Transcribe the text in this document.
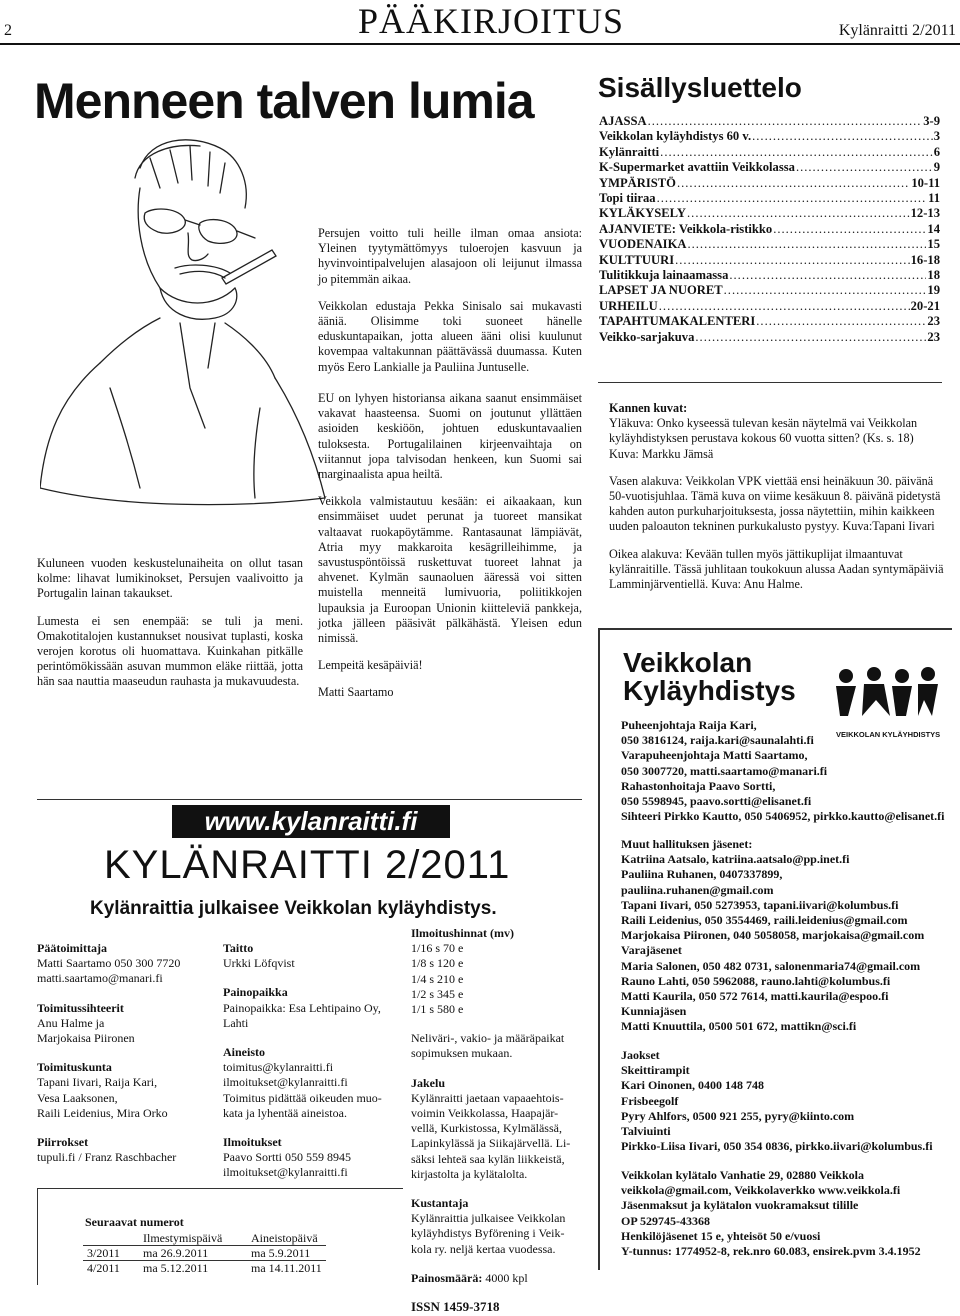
2	PÄÄKIRJOITUS	Kylänraitti 2/2011
Menneen talven lumia

Kuluneen vuoden keskustelunaiheita on ollut tasan kolme: lihavat lumikinokset, Persujen vaalivoitto ja Portugalin lainan takaukset.

Lumesta ei sen enempää: se tuli ja meni. Omakotitalojen kustannukset nousivat tuplasti, koska verojen korotus oli huomattava. Kuinkahan pitkälle perintömökissään asuvan mummon eläke riittää, jotta hän saa nauttia maaseudun rauhasta ja mukavuudesta.

Persujen voitto tuli heille ilman omaa ansiota: Yleinen tyytymättömyys tuloerojen kasvuun ja hyvinvointipalvelujen alasajoon oli leijunut ilmassa jo pitemmän aikaa.

Veikkolan edustaja Pekka Sinisalo sai mukavasti ääniä. Olisimme toki suoneet hänelle eduskuntapaikan, jotta alueen ääni olisi kuulunut kovempaa valtakunnan päättävässä duumassa. Kuten myös Eero Lankialle ja Pauliina Juntuselle.

EU on lyhyen historiansa aikana saanut ensimmäiset vakavat haasteensa. Suomi on joutunut yllättäen asioiden keskiöön, johtuen eduskuntavaalien tuloksesta. Portugalilainen kirjeenvaihtaja on viitannut jopa talvisodan henkeen, kun Suomi sai marginaalista apua heiltä.

Veikkola valmistautuu kesään: ei aikaakaan, kun ensimmäiset uudet perunat ja tuoreet mansikat valtaavat ruokapöytämme. Rantasaunat lämpiävät, Atria myy makkaroita kesägrilleihimme, ja savustuspöntöissä ruskettuvat tuoreet lahnat ja ahvenet. Kylmän saunaoluen ääressä voi sitten muistella menneitä lumivuoria, poliitikkojen lupauksia ja Euroopan Unionin kiitteleviä pankkeja, jotka jälleen pääsivät pälkähästä. Yleisen edun nimissä.

Lempeitä kesäpäiviä!

Matti Saartamo

Sisällysluettelo
AJASSA .....	3-9
Veikkolan kyläyhdistys 60 v. .....	3
Kylänraitti .....	6
K-Supermarket avattiin Veikkolassa .....	9
YMPÄRISTÖ .....	10-11
Topi tiiraa .....	11
KYLÄKYSELY .....	12-13
AJANVIETE: Veikkola-ristikko .....	14
VUODENAIKA .....	15
KULTTUURI .....	16-18
Tulitikkuja lainaamassa .....	18
LAPSET JA NUORET .....	19
URHEILU .....	20-21
TAPAHTUMAKALENTERI .....	23
Veikko-sarjakuva .....	23

Kannen kuvat:

Yläkuva: Onko kyseessä tulevan kesän näytelmä vai Veikkolan kyläyhdistyksen perustava kokous 60 vuotta sitten? (Ks. s. 18) Kuva: Markku Jämsä

Vasen alakuva: Veikkolan VPK viettää ensi heinäkuun 30. päivänä 50-vuotisjuhlaa. Tämä kuva on viime kesäkuun 8. päivänä pidetystä kahden auton purkuharjoituksesta, jossa näytettiin, mihin kaikkeen uuden paloauton tekninen purkukalusto pystyy. Kuva:Tapani Iivari

Oikea alakuva: Kevään tullen myös jättikuplijat ilmaantuvat kylänraitille. Tässä juhlitaan toukokuun alussa Aadan syntymäpäiviä Lamminjärventiellä. Kuva: Anu Halme.

Veikkolan
Kyläyhdistys
VEIKKOLAN KYLÄYHDISTYS
Puheenjohtaja Raija Kari,
050 3816124, raija.kari@saunalahti.fi
Varapuheenjohtaja Matti Saartamo,
050 3007720, matti.saartamo@manari.fi
Rahastonhoitaja Paavo Sortti,
050 5598945, paavo.sortti@elisanet.fi
Sihteeri Pirkko Kautto, 050 5406952, pirkko.kautto@elisanet.fi
Muut hallituksen jäsenet:
Katriina Aatsalo, katriina.aatsalo@pp.inet.fi
Pauliina Ruhanen, 0407337899,
pauliina.ruhanen@gmail.com
Tapani Iivari, 050 5273953, tapani.iivari@kolumbus.fi
Raili Leidenius, 050 3554469, raili.leidenius@gmail.com
Marjokaisa Piironen, 040 5058058, marjokaisa@gmail.com
Varajäsenet
Maria Salonen, 050 482 0731, salonenmaria74@gmail.com
Rauno Lahti, 050 5962088, rauno.lahti@kolumbus.fi
Matti Kaurila, 050 572 7614, matti.kaurila@espoo.fi
Kunniajäsen
Matti Knuuttila, 0500 501 672, mattikn@sci.fi
Jaokset
Skeittirampit
Kari Oinonen, 0400 148 748
Frisbeegolf
Pyry Ahlfors, 0500 921 255, pyry@kiinto.com
Talviuinti
Pirkko-Liisa Iivari, 050 354 0836, pirkko.iivari@kolumbus.fi
Veikkolan kylätalo Vanhatie 29, 02880 Veikkola
veikkola@gmail.com, Veikkolaverkko www.veikkola.fi
Jäsenmaksut ja kylätalon vuokramaksut tilille
OP 529745-43368
Henkilöjäsenet 15 e, yhteisöt 50 e/vuosi
Y-tunnus: 1774952-8, rek.nro 60.083, ensirek.pvm 3.4.1952
www.kylanraitti.fi
KYLÄNRAITTI 2/2011
Kylänraittia julkaisee Veikkolan kyläyhdistys.
Päätoimittaja
Matti Saartamo 050 300 7720
matti.saartamo@manari.fi
Toimitussihteerit
Anu Halme ja
Marjokaisa Piironen
Toimituskunta
Tapani Iivari, Raija Kari,
Vesa Laaksonen,
Raili Leidenius, Mira Orko
Piirrokset
tupuli.fi / Franz Raschbacher
Taitto
Urkki Löfqvist
Painopaikka
Painopaikka: Esa Lehtipaino Oy,
Lahti
Aineisto
toimitus@kylanraitti.fi
ilmoitukset@kylanraitti.fi
Toimitus pidättää oikeuden muo-
kata ja lyhentää aineistoa.
Ilmoitukset
Paavo Sortti 050 559 8945
ilmoitukset@kylanraitti.fi
Ilmoitushinnat (mv)
1/16 s 70 e
1/8 s 120 e
1/4 s 210 e
1/2 s 345 e
1/1 s 580 e
Neliväri-, vakio- ja määräpaikat
sopimuksen mukaan.
Jakelu
Kylänraitti jaetaan vapaaehtois-
voimin Veikkolassa, Haapajär-
vellä, Kurkistossa, Kylmälässä,
Lapinkylässä ja Siikajärvellä. Li-
säksi lehteä saa kylän liikkeistä,
kirjastolta ja kylätalolta.
Kustantaja
Kylänraittia julkaisee Veikkolan
kyläyhdistys Byförening i Veik-
kola ry. neljä kertaa vuodessa.
Painosmäärä: 4000 kpl
ISSN 1459-3718
Seuraavat numerot
	Ilmestymispäivä	Aineistopäivä
3/2011	ma 26.9.2011	ma 5.9.2011
4/2011	ma 5.12.2011	ma 14.11.2011
